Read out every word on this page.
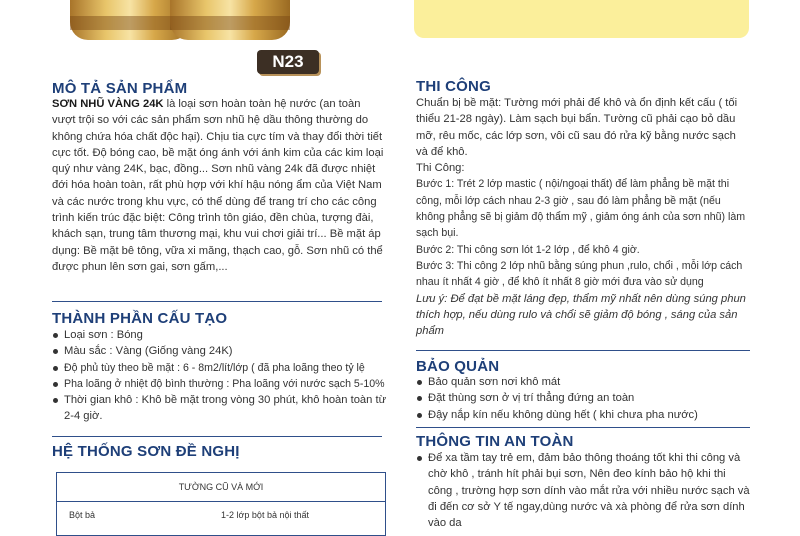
N23
MÔ TẢ SẢN PHẨM
SƠN NHŨ VÀNG 24K là loại sơn hoàn toàn hệ nước (an toàn vượt trội so với các sản phẩm sơn nhũ hệ dầu thông thường do không chứa hóa chất độc hại). Chịu tia cực tím và thay đổi thời tiết cực tốt. Độ bóng cao, bề mặt óng ánh với ánh kim của các kim loại quý như vàng 24K, bạc, đồng... Sơn nhũ vàng 24k đã được nhiệt đới hóa hoàn toàn, rất phù hợp với khí hậu nóng ẩm của Việt Nam và các nước trong khu vực, có thể dùng để trang trí cho các công trình kiến trúc đặc biệt: Công trình tôn giáo, đền chùa, tượng đài, khách sạn, trung tâm thương mại, khu vui chơi giải trí... Bề mặt áp dụng: Bề mặt bê tông, vữa xi măng, thạch cao, gỗ. Sơn nhũ có thể được phun lên sơn gai, sơn gấm,...
THÀNH PHẦN CẤU TẠO
Loại sơn : Bóng
Màu sắc : Vàng (Giống vàng 24K)
Độ phủ tùy theo bề mặt : 6 - 8m2/lít/lớp ( đã pha loãng theo tỷ lệ
Pha loãng ở nhiệt độ bình thường : Pha loãng với nước sạch 5-10%
Thời gian khô : Khô bề mặt trong vòng 30 phút, khô hoàn toàn từ 2-4 giờ.
HỆ THỐNG SƠN ĐỀ NGHỊ
TƯỜNG CŨ VÀ MỚI
Bột bả	1-2 lớp bột bả nội thất
THI CÔNG

Chuẩn bị bề mặt: Tường mới phải để khô và ổn định kết cấu ( tối thiểu 21-28 ngày). Làm sạch bụi bẩn. Tường cũ phải cạo bỏ dầu mỡ, rêu mốc, các lớp sơn, vôi cũ sau đó rửa kỹ bằng nước sạch và để khô.

Thi Công:

Bước 1: Trét 2 lớp mastic ( nội/ngoại thất) để làm phẳng bề mặt thi công, mỗi lớp cách nhau 2-3 giờ , sau đó làm phẳng bề mặt (nếu không phẳng sẽ bị giảm độ thẩm mỹ , giảm óng ánh của sơn nhũ) làm sạch bụi.

Bước 2: Thi công sơn lót 1-2 lớp , để khô 4 giờ.

Bước 3: Thi công 2 lớp nhũ bằng súng phun ,rulo, chổi , mỗi lớp cách nhau ít nhất 4 giờ , để khô ít nhất 8 giờ mới đưa vào sử dụng

Lưu ý: Để đạt bề mặt láng đẹp, thẩm mỹ nhất nên dùng súng phun thích hợp, nếu dùng rulo và chổi sẽ giảm độ bóng , sáng của sản phẩm

BẢO QUẢN
Bảo quản sơn nơi khô mát
Đặt thùng sơn ở vị trí thẳng đứng an toàn
Đậy nắp kín nếu không dùng hết ( khi chưa pha nước)
THÔNG TIN AN TOÀN
Để xa tầm tay trẻ em, đảm bảo thông thoáng tốt khi thi công và chờ khô , tránh hít phải bụi sơn, Nên đeo kính bảo hộ khi thi công , trường hợp sơn dính vào mắt rửa với nhiều nước sạch và đi đến cơ sở Y tế ngay,dùng nước và xà phòng để rửa sơn dính vào da
